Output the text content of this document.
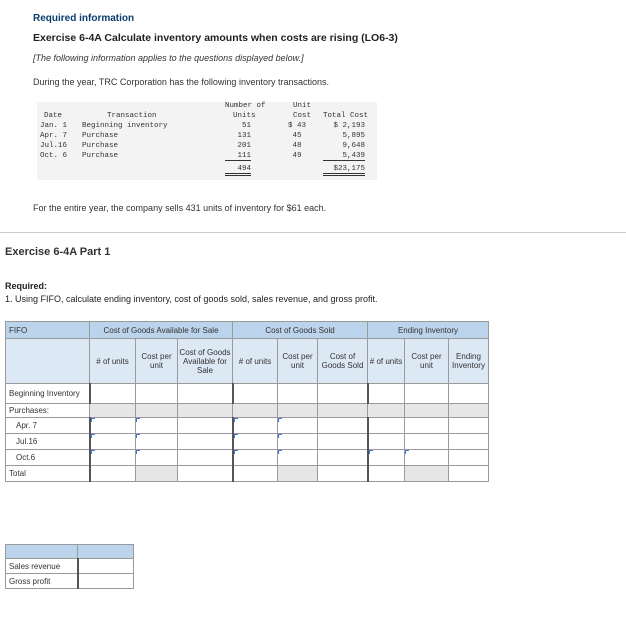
Required information
Exercise 6-4A Calculate inventory amounts when costs are rising (LO6-3)
[The following information applies to the questions displayed below.]
During the year, TRC Corporation has the following inventory transactions.
Number of	Unit
Date	Transaction	Units	Cost Total Cost
Jan. 1 Beginning inventory	51	$ 43	$ 2,193
Apr. 7 Purchase	131	45	5,895
Jul.16 Purchase	201	48	9,648
Oct. 6 Purchase	111	49	5,439
494	$23,175
For the entire year, the company sells 431 units of inventory for $61 each.
Exercise 6-4A Part 1
Required:
1. Using FIFO, calculate ending inventory, cost of goods sold, sales revenue, and gross profit.
FIFO	Cost of Goods Available for Sale			Cost of Goods Sold			Ending Inventory		
	# of units	Cost per unit	Cost of Goods Available for Sale	# of units	Cost per unit	Cost of Goods Sold	# of units	Cost per unit	Ending Inventory
Beginning Inventory									
Purchases:									
Apr. 7									
Jul.16									
Oct.6									
Total									

Sales revenue	
Gross profit	
